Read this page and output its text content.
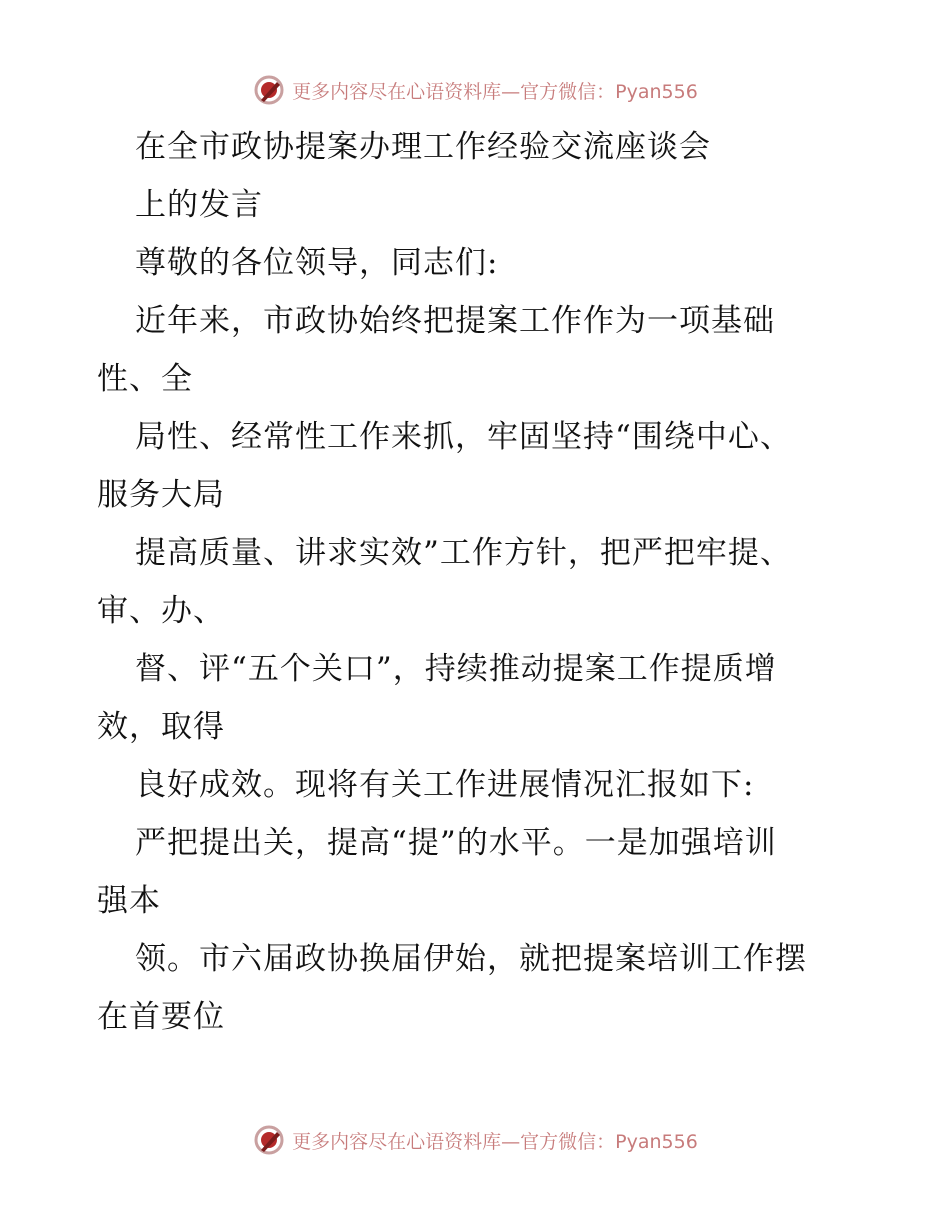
更多内容尽在心语资料库—官方微信：Pyan556
在全市政协提案办理工作经验交流座谈会
上的发言
尊敬的各位领导，同志们:
近年来，市政协始终把提案工作作为一项基础
性、全
局性、经常性工作来抓，牢固坚持“围绕中心、
服务大局
提高质量、讲求实效”工作方针，把严把牢提、
审、办、
督、评“五个关口”，持续推动提案工作提质增
效，取得
良好成效。现将有关工作进展情况汇报如下:
严把提出关，提高“提”的水平。一是加强培训
强本
领。市六届政协换届伊始，就把提案培训工作摆
在首要位
更多内容尽在心语资料库—官方微信：Pyan556
